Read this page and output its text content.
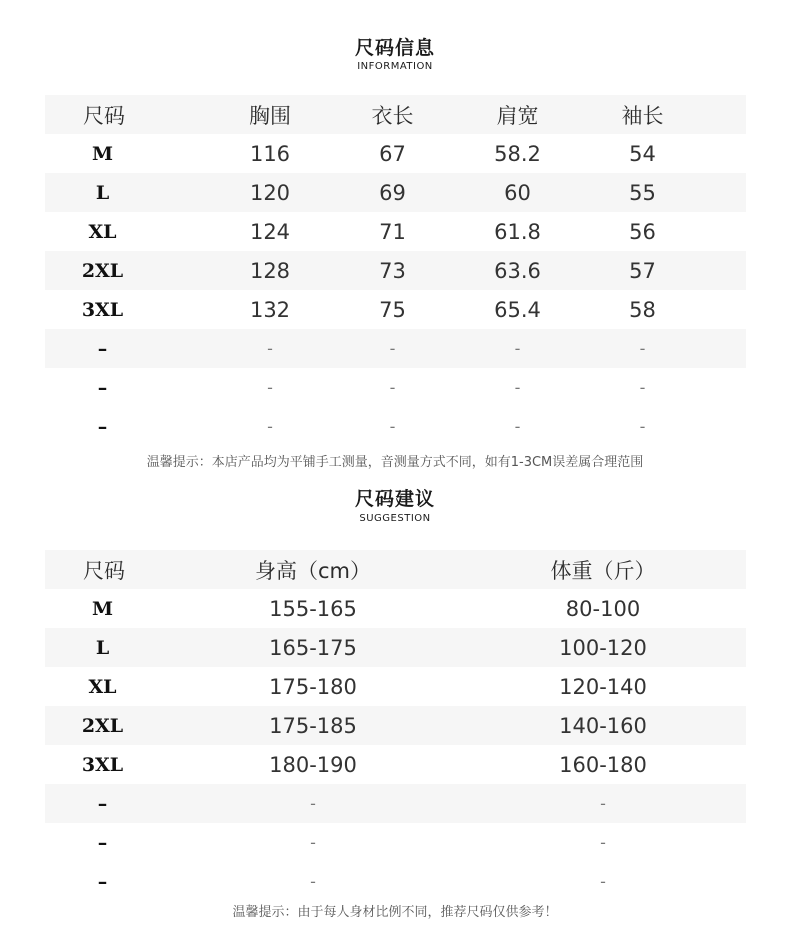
尺码信息
INFORMATION
尺码	胸围	衣长	肩宽	袖长
M	116	67	58.2	54
L	120	69	60	55
XL	124	71	61.8	56
2XL	128	73	63.6	57
3XL	132	75	65.4	58
–	-	-	-	-
–	-	-	-	-
–	-	-	-	-
温馨提示：本店产品均为平铺手工测量，音测量方式不同，如有1-3CM误差属合理范围
尺码建议
SUGGESTION
尺码	身高（cm）	体重（斤）
M	155-165	80-100
L	165-175	100-120
XL	175-180	120-140
2XL	175-185	140-160
3XL	180-190	160-180
–	-	-
–	-	-
–	-	-
温馨提示：由于每人身材比例不同，推荐尺码仅供参考！
